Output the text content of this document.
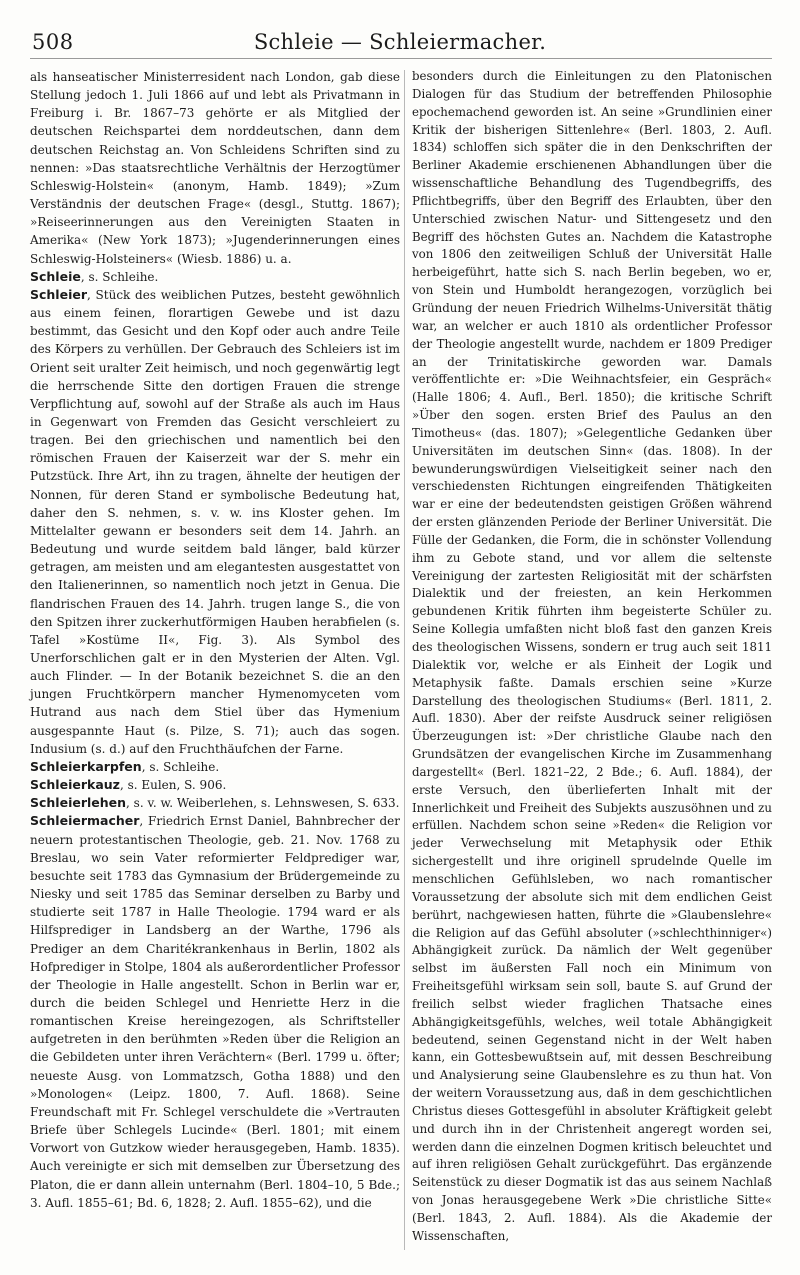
508	Schleie — Schleiermacher.

als hanseatischer Ministerresident nach London, gab diese Stellung jedoch 1. Juli 1866 auf und lebt als Privatmann in Freiburg i. Br. 1867–73 gehörte er als Mitglied der deutschen Reichspartei dem norddeutschen, dann dem deutschen Reichstag an. Von Schleidens Schriften sind zu nennen: »Das staatsrechtliche Verhältnis der Herzogtümer Schleswig-Holstein« (anonym, Hamb. 1849); »Zum Verständnis der deutschen Frage« (desgl., Stuttg. 1867); »Reiseerinnerungen aus den Vereinigten Staaten in Amerika« (New York 1873); »Jugenderinnerungen eines Schleswig-Holsteiners« (Wiesb. 1886) u. a.

Schleie, s. Schleihe.

Schleier, Stück des weiblichen Putzes, besteht gewöhnlich aus einem feinen, florartigen Gewebe und ist dazu bestimmt, das Gesicht und den Kopf oder auch andre Teile des Körpers zu verhüllen. Der Gebrauch des Schleiers ist im Orient seit uralter Zeit heimisch, und noch gegenwärtig legt die herrschende Sitte den dortigen Frauen die strenge Verpflichtung auf, sowohl auf der Straße als auch im Haus in Gegenwart von Fremden das Gesicht verschleiert zu tragen. Bei den griechischen und namentlich bei den römischen Frauen der Kaiserzeit war der S. mehr ein Putzstück. Ihre Art, ihn zu tragen, ähnelte der heutigen der Nonnen, für deren Stand er symbolische Bedeutung hat, daher den S. nehmen, s. v. w. ins Kloster gehen. Im Mittelalter gewann er besonders seit dem 14. Jahrh. an Bedeutung und wurde seitdem bald länger, bald kürzer getragen, am meisten und am elegantesten ausgestattet von den Italienerinnen, so namentlich noch jetzt in Genua. Die flandrischen Frauen des 14. Jahrh. trugen lange S., die von den Spitzen ihrer zuckerhutförmigen Hauben herabfielen (s. Tafel »Kostüme II«, Fig. 3). Als Symbol des Unerforschlichen galt er in den Mysterien der Alten. Vgl. auch Flinder. — In der Botanik bezeichnet S. die an den jungen Fruchtkörpern mancher Hymenomyceten vom Hutrand aus nach dem Stiel über das Hymenium ausgespannte Haut (s. Pilze, S. 71); auch das sogen. Indusium (s. d.) auf den Fruchthäufchen der Farne.

Schleierkarpfen, s. Schleihe.

Schleierkauz, s. Eulen, S. 906.

Schleierlehen, s. v. w. Weiberlehen, s. Lehnswesen, S. 633.

Schleiermacher, Friedrich Ernst Daniel, Bahnbrecher der neuern protestantischen Theologie, geb. 21. Nov. 1768 zu Breslau, wo sein Vater reformierter Feldprediger war, besuchte seit 1783 das Gymnasium der Brüdergemeinde zu Niesky und seit 1785 das Seminar derselben zu Barby und studierte seit 1787 in Halle Theologie. 1794 ward er als Hilfsprediger in Landsberg an der Warthe, 1796 als Prediger an dem Charitékrankenhaus in Berlin, 1802 als Hofprediger in Stolpe, 1804 als außerordentlicher Professor der Theologie in Halle angestellt. Schon in Berlin war er, durch die beiden Schlegel und Henriette Herz in die romantischen Kreise hereingezogen, als Schriftsteller aufgetreten in den berühmten »Reden über die Religion an die Gebildeten unter ihren Verächtern« (Berl. 1799 u. öfter; neueste Ausg. von Lommatzsch, Gotha 1888) und den »Monologen« (Leipz. 1800, 7. Aufl. 1868). Seine Freundschaft mit Fr. Schlegel verschuldete die »Vertrauten Briefe über Schlegels Lucinde« (Berl. 1801; mit einem Vorwort von Gutzkow wieder herausgegeben, Hamb. 1835). Auch vereinigte er sich mit demselben zur Übersetzung des Platon, die er dann allein unternahm (Berl. 1804–10, 5 Bde.; 3. Aufl. 1855–61; Bd. 6, 1828; 2. Aufl. 1855–62), und die

besonders durch die Einleitungen zu den Platonischen Dialogen für das Studium der betreffenden Philosophie epochemachend geworden ist. An seine »Grundlinien einer Kritik der bisherigen Sittenlehre« (Berl. 1803, 2. Aufl. 1834) schloffen sich später die in den Denkschriften der Berliner Akademie erschienenen Abhandlungen über die wissenschaftliche Behandlung des Tugendbegriffs, des Pflichtbegriffs, über den Begriff des Erlaubten, über den Unterschied zwischen Natur- und Sittengesetz und den Begriff des höchsten Gutes an. Nachdem die Katastrophe von 1806 den zeitweiligen Schluß der Universität Halle herbeigeführt, hatte sich S. nach Berlin begeben, wo er, von Stein und Humboldt herangezogen, vorzüglich bei Gründung der neuen Friedrich Wilhelms-Universität thätig war, an welcher er auch 1810 als ordentlicher Professor der Theologie angestellt wurde, nachdem er 1809 Prediger an der Trinitatiskirche geworden war. Damals veröffentlichte er: »Die Weihnachtsfeier, ein Gespräch« (Halle 1806; 4. Aufl., Berl. 1850); die kritische Schrift »Über den sogen. ersten Brief des Paulus an den Timotheus« (das. 1807); »Gelegentliche Gedanken über Universitäten im deutschen Sinn« (das. 1808). In der bewunderungswürdigen Vielseitigkeit seiner nach den verschiedensten Richtungen eingreifenden Thätigkeiten war er eine der bedeutendsten geistigen Größen während der ersten glänzenden Periode der Berliner Universität. Die Fülle der Gedanken, die Form, die in schönster Vollendung ihm zu Gebote stand, und vor allem die seltenste Vereinigung der zartesten Religiosität mit der schärfsten Dialektik und der freiesten, an kein Herkommen gebundenen Kritik führten ihm begeisterte Schüler zu. Seine Kollegia umfaßten nicht bloß fast den ganzen Kreis des theologischen Wissens, sondern er trug auch seit 1811 Dialektik vor, welche er als Einheit der Logik und Metaphysik faßte. Damals erschien seine »Kurze Darstellung des theologischen Studiums« (Berl. 1811, 2. Aufl. 1830). Aber der reifste Ausdruck seiner religiösen Überzeugungen ist: »Der christliche Glaube nach den Grundsätzen der evangelischen Kirche im Zusammenhang dargestellt« (Berl. 1821–22, 2 Bde.; 6. Aufl. 1884), der erste Versuch, den überlieferten Inhalt mit der Innerlichkeit und Freiheit des Subjekts auszusöhnen und zu erfüllen. Nachdem schon seine »Reden« die Religion vor jeder Verwechselung mit Metaphysik oder Ethik sichergestellt und ihre originell sprudelnde Quelle im menschlichen Gefühlsleben, wo nach romantischer Voraussetzung der absolute sich mit dem endlichen Geist berührt, nachgewiesen hatten, führte die »Glaubenslehre« die Religion auf das Gefühl absoluter (»schlechthinniger«) Abhängigkeit zurück. Da nämlich der Welt gegenüber selbst im äußersten Fall noch ein Minimum von Freiheitsgefühl wirksam sein soll, baute S. auf Grund der freilich selbst wieder fraglichen Thatsache eines Abhängigkeitsgefühls, welches, weil totale Abhängigkeit bedeutend, seinen Gegenstand nicht in der Welt haben kann, ein Gottesbewußtsein auf, mit dessen Beschreibung und Analysierung seine Glaubenslehre es zu thun hat. Von der weitern Voraussetzung aus, daß in dem geschichtlichen Christus dieses Gottesgefühl in absoluter Kräftigkeit gelebt und durch ihn in der Christenheit angeregt worden sei, werden dann die einzelnen Dogmen kritisch beleuchtet und auf ihren religiösen Gehalt zurückgeführt. Das ergänzende Seitenstück zu dieser Dogmatik ist das aus seinem Nachlaß von Jonas herausgegebene Werk »Die christliche Sitte« (Berl. 1843, 2. Aufl. 1884). Als die Akademie der Wissenschaften,
